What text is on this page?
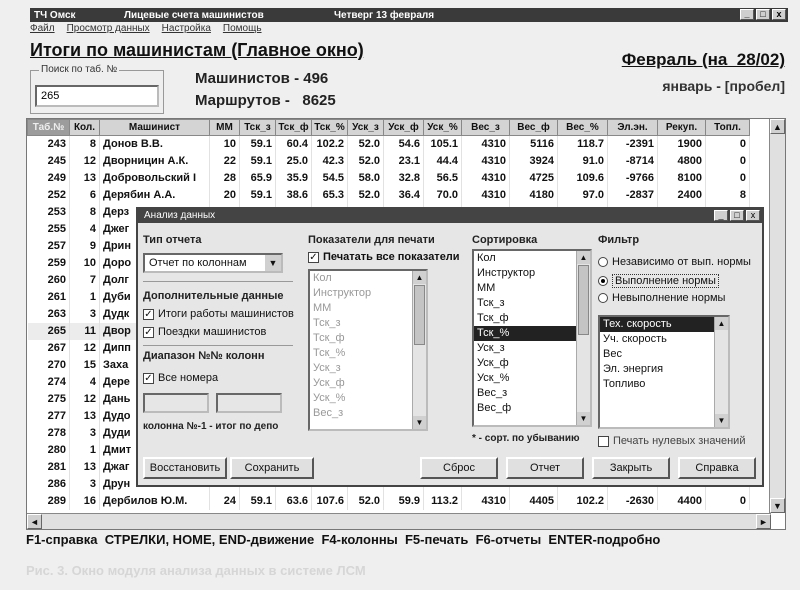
ТЧ Омск	Лицевые счета машинистов	Четверг 13 февраля	_	□	x
Файл Просмотр данных Настройка Помощь
Итоги по машинистам (Главное окно)
Поиск по таб. №
265
Машинистов - 496
Маршрутов -   8625
Февраль (на  28/02)
январь - [пробел]
Таб.№	Кол.	Машинист	ММ	Тск_з	Тск_ф	Тск_%	Уск_з	Уск_ф	Уск_%	Вес_з	Вес_ф	Вес_%	Эл.эн.	Рекуп.	Топл.
243	8	Донов В.В.	10	59.1	60.4	102.2	52.0	54.6	105.1	4310	5116	118.7	-2391	1900	0
245	12	Дворницин А.К.	22	59.1	25.0	42.3	52.0	23.1	44.4	4310	3924	91.0	-8714	4800	0
249	13	Добровольский І	28	65.9	35.9	54.5	58.0	32.8	56.5	4310	4725	109.6	-9766	8100	0
252	6	Дерябин А.А.	20	59.1	38.6	65.3	52.0	36.4	70.0	4310	4180	97.0	-2837	2400	8
253	8	Дерз													
255	4	Джег													
257	9	Дрин													
259	10	Доро													
260	7	Долг													
261	1	Дуби													
263	3	Дудк													
265	11	Двор													
267	12	Дипп													
270	15	Заха													
274	4	Дере													
275	12	Дань													
277	13	Дудо													
278	3	Дуди													
280	1	Дмит													
281	13	Джаг													
286	3	Друн													
289	16	Дербилов Ю.М.	24	59.1	63.6	107.6	52.0	59.9	113.2	4310	4405	102.2	-2630	4400	0
▲
▼
◄	►
F1-справка  СТРЕЛКИ, HOME, END-движение  F4-колонны  F5-печать  F6-отчеты  ENTER-подробно
Рис. 3. Окно модуля анализа данных в системе ЛСМ
Анализ данных	_	□	x
Тип отчета
Отчет по колоннам	▼
Дополнительные данные
✓ Итоги работы машинистов
✓ Поездки машинистов
Диапазон №№ колонн
✓ Все номера
колонна №-1 - итог по депо
Показатели для печати
✓ Печатать все показатели
Кол
Инструктор
ММ
Тск_з
Тск_ф
Тск_%
Уск_з
Уск_ф
Уск_%
Вес_з
▲
▼
Сортировка
Кол
Инструктор
ММ
Тск_з
Тск_ф
Тск_%
Уск_з
Уск_ф
Уск_%
Вес_з
Вес_ф
▲
▼
* - сорт. по убыванию
Фильтр
Независимо от вып. нормы
Выполнение нормы
Невыполнение нормы
Тех. скорость
Уч. скорость
Вес
Эл. энергия
Топливо
▲
▼
Печать нулевых значений
Восстановить	Сохранить	Сброс	Отчет	Закрыть	Справка
